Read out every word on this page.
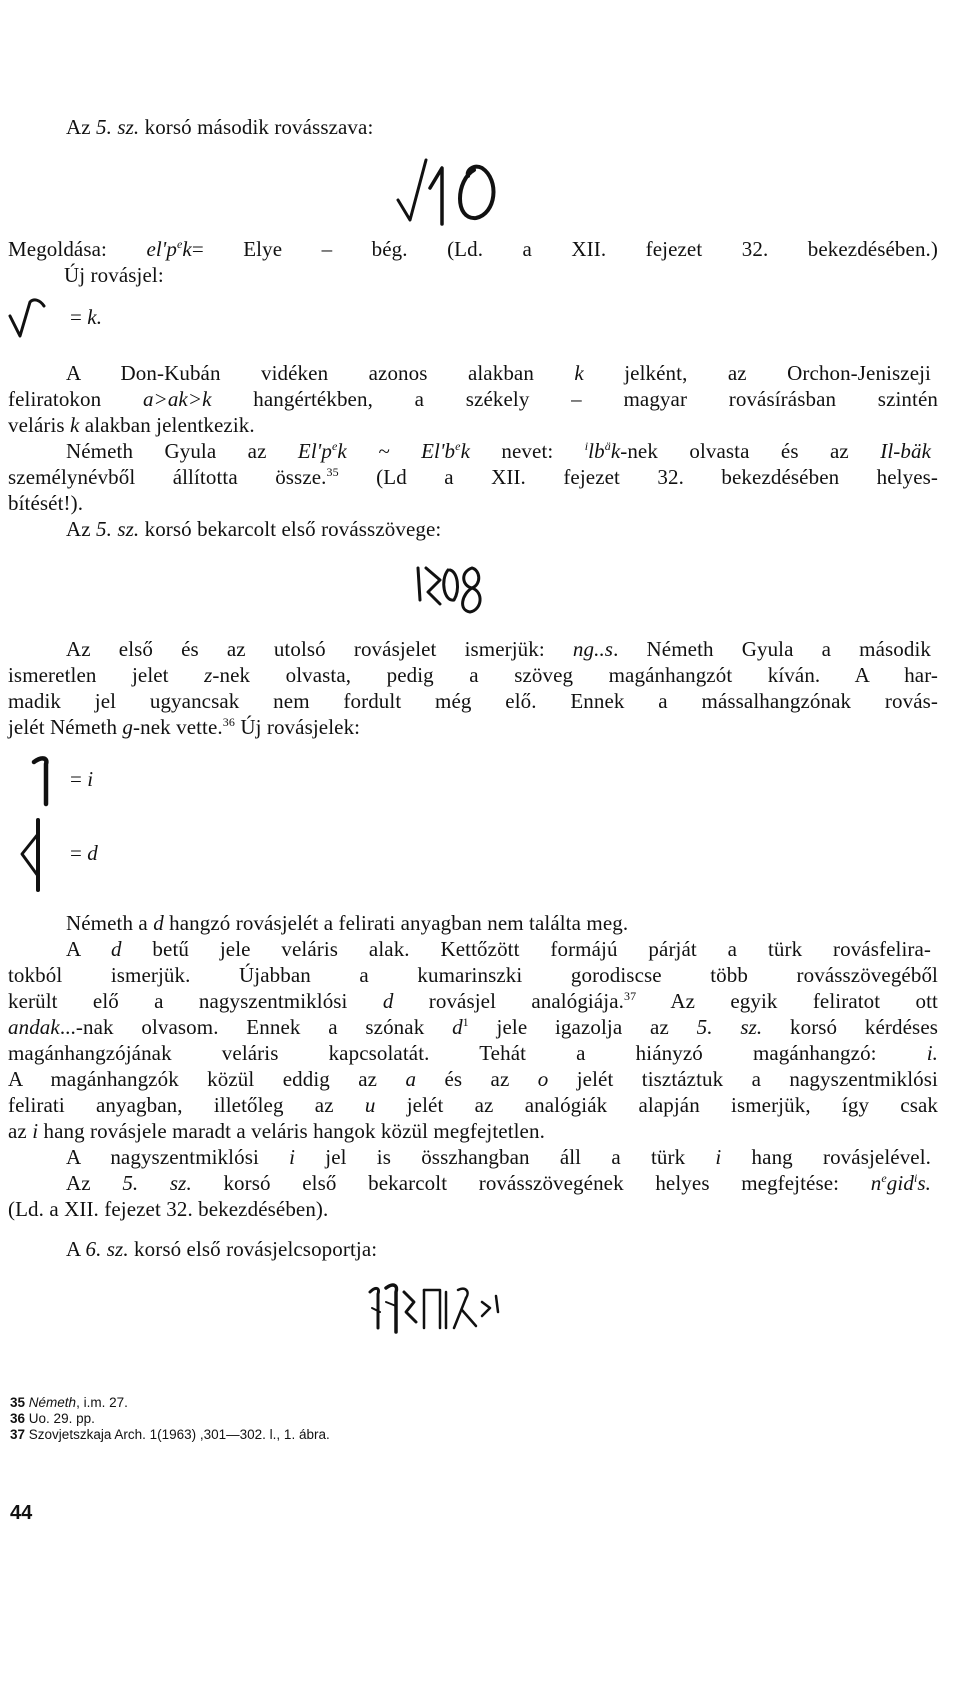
Az 5. sz. korsó második rovásszava:
Megoldása: $el'p^ek=$ Elye – bég. (Ld. a XII. fejezet 32. bekezdésében.)
Új rovásjel:
= k.
A Don-Kubán vidéken azonos alakban k jelként, az Orchon-Jeniszeji
feliratokon a>ak>k hangértékben, a székely – magyar rovásírásban szintén
veláris k alakban jelentkezik.
Németh Gyula az $El'p^ek$ ~ $El'b^ek$ nevet: $^ilb^äk$-nek olvasta és az Il-bäk
személynévből állította össze.$^{35}$ (Ld a XII. fejezet 32. bekezdésében helyes-
bítését!).
Az 5. sz. korsó bekarcolt első rovásszövege:
Az első és az utolsó rovásjelet ismerjük: ng..s. Németh Gyula a második
ismeretlen jelet z-nek olvasta, pedig a szöveg magánhangzót kíván. A har-
madik jel ugyancsak nem fordult még elő. Ennek a mássalhangzónak rovás-
jelét Németh g-nek vette.$^{36}$ Új rovásjelek:
= i
= d
Németh a d hangzó rovásjelét a felirati anyagban nem találta meg.
A d betű jele veláris alak. Kettőzött formájú párját a türk rovásfelira-
tokból ismerjük. Újabban a kumarinszki gorodiscse több rovásszövegéből
került elő a nagyszentmiklósi d rovásjel analógiája.$^{37}$ Az egyik feliratot ott
andak...-nak olvasom. Ennek a szónak $d^1$ jele igazolja az 5. sz. korsó kérdéses
magánhangzójának veláris kapcsolatát. Tehát a hiányzó magánhangzó: i.
A magánhangzók közül eddig az a és az o jelét tisztáztuk a nagyszentmiklósi
felirati anyagban, illetőleg az u jelét az analógiák alapján ismerjük, így csak
az i hang rovásjele maradt a veláris hangok közül megfejtetlen.
A nagyszentmiklósi i jel is összhangban áll a türk i hang rovásjelével.
Az 5. sz. korsó első bekarcolt rovásszövegének helyes megfejtése: $n^egid^is$.
(Ld. a XII. fejezet 32. bekezdésében).
A 6. sz. korsó első rovásjelcsoportja:
35 Németh, i.m. 27.
36 Uo. 29. pp.
37 Szovjetszkaja Arch. 1(1963) ,301—302. l., 1. ábra.
44
